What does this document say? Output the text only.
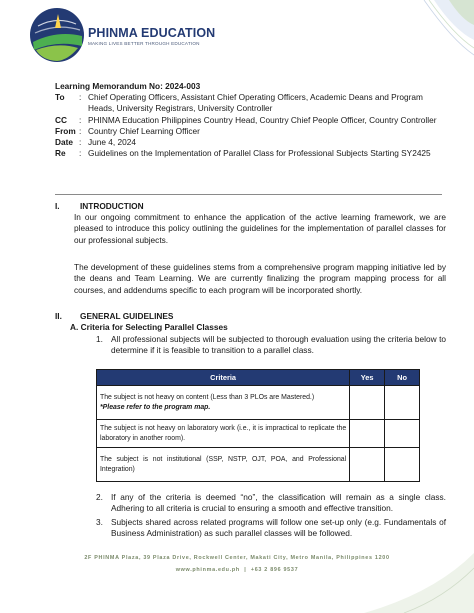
PHINMA EDUCATION
MAKING LIVES BETTER THROUGH EDUCATION
Learning Memorandum No: 2024-003
To	: Chief Operating Officers, Assistant Chief Operating Officers, Academic Deans and Program Heads, University Registrars, University Controller
CC	: PHINMA Education Philippines Country Head, Country Chief People Officer, Country Controller
From : Country Chief Learning Officer
Date : June 4, 2024
Re	: Guidelines on the Implementation of Parallel Class for Professional Subjects Starting SY2425
I. INTRODUCTION
In our ongoing commitment to enhance the application of the active learning framework, we are pleased to introduce this policy outlining the guidelines for the implementation of parallel classes for our professional subjects.
The development of these guidelines stems from a comprehensive program mapping initiative led by the deans and Team Learning. We are currently finalizing the program mapping process for all courses, and addendums specific to each program will be incorporated shortly.
II. GENERAL GUIDELINES
A. Criteria for Selecting Parallel Classes
1. All professional subjects will be subjected to thorough evaluation using the criteria below to determine if it is feasible to transition to a parallel class.
Criteria	Yes	No
The subject is not heavy on content (Less than 3 PLOs are Mastered.)
*Please refer to the program map.		
The subject is not heavy on laboratory work (i.e., it is impractical to replicate the laboratory in another room).		
The subject is not institutional (SSP, NSTP, OJT, POA, and Professional Integration)		
2. If any of the criteria is deemed “no”, the classification will remain as a single class. Adhering to all criteria is crucial to ensuring a smooth and effective transition.
3. Subjects shared across related programs will follow one set-up only (e.g. Fundamentals of Business Administration) as such parallel classes will be followed.
2F PHINMA Plaza, 39 Plaza Drive, Rockwell Center, Makati City, Metro Manila, Philippines 1200
www.phinma.edu.ph | +63 2 896 9537
